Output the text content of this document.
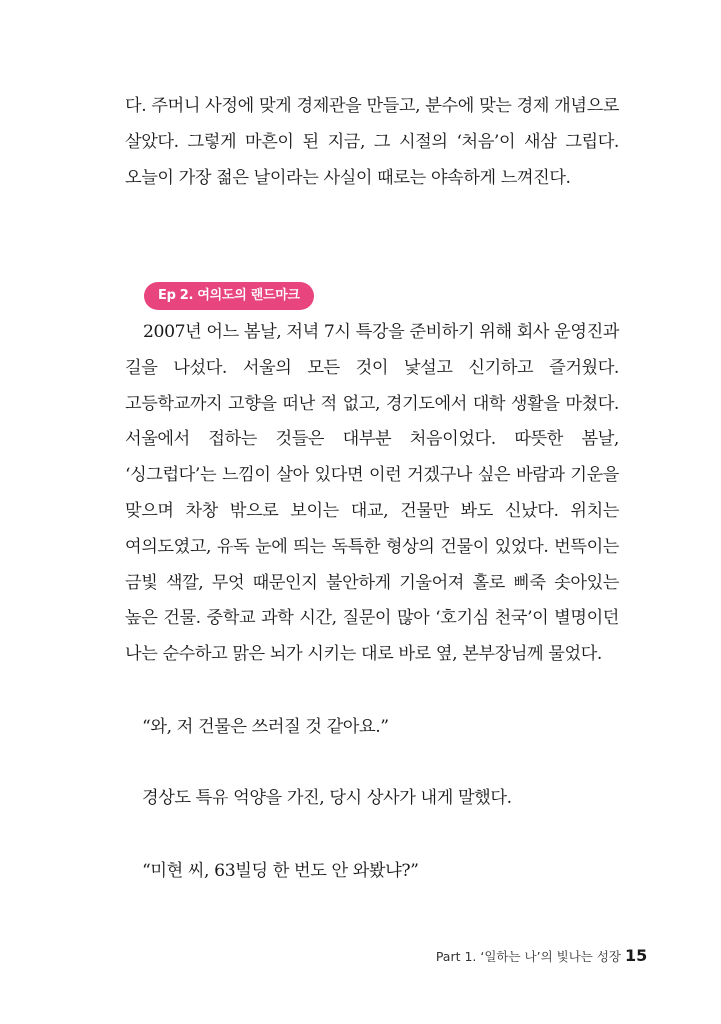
다. 주머니 사정에 맞게 경제관을 만들고, 분수에 맞는 경제 개념으로 살았다. 그렇게 마흔이 된 지금, 그 시절의 ‘처음’이 새삼 그립다. 오늘이 가장 젊은 날이라는 사실이 때로는 야속하게 느껴진다.

Ep 2. 여의도의 랜드마크

2007년 어느 봄날, 저녁 7시 특강을 준비하기 위해 회사 운영진과 길을 나섰다. 서울의 모든 것이 낯설고 신기하고 즐거웠다. 고등학교까지 고향을 떠난 적 없고, 경기도에서 대학 생활을 마쳤다. 서울에서 접하는 것들은 대부분 처음이었다. 따뜻한 봄날, ‘싱그럽다’는 느낌이 살아 있다면 이런 거겠구나 싶은 바람과 기운을 맞으며 차창 밖으로 보이는 대교, 건물만 봐도 신났다. 위치는 여의도였고, 유독 눈에 띄는 독특한 형상의 건물이 있었다. 번뜩이는 금빛 색깔, 무엇 때문인지 불안하게 기울어져 홀로 삐죽 솟아있는 높은 건물. 중학교 과학 시간, 질문이 많아 ‘호기심 천국’이 별명이던 나는 순수하고 맑은 뇌가 시키는 대로 바로 옆, 본부장님께 물었다.

“와, 저 건물은 쓰러질 것 같아요.”

경상도 특유 억양을 가진, 당시 상사가 내게 말했다.

“미현 씨, 63빌딩 한 번도 안 와봤냐?”

Part 1. ‘일하는 나’의 빛나는 성장 15
